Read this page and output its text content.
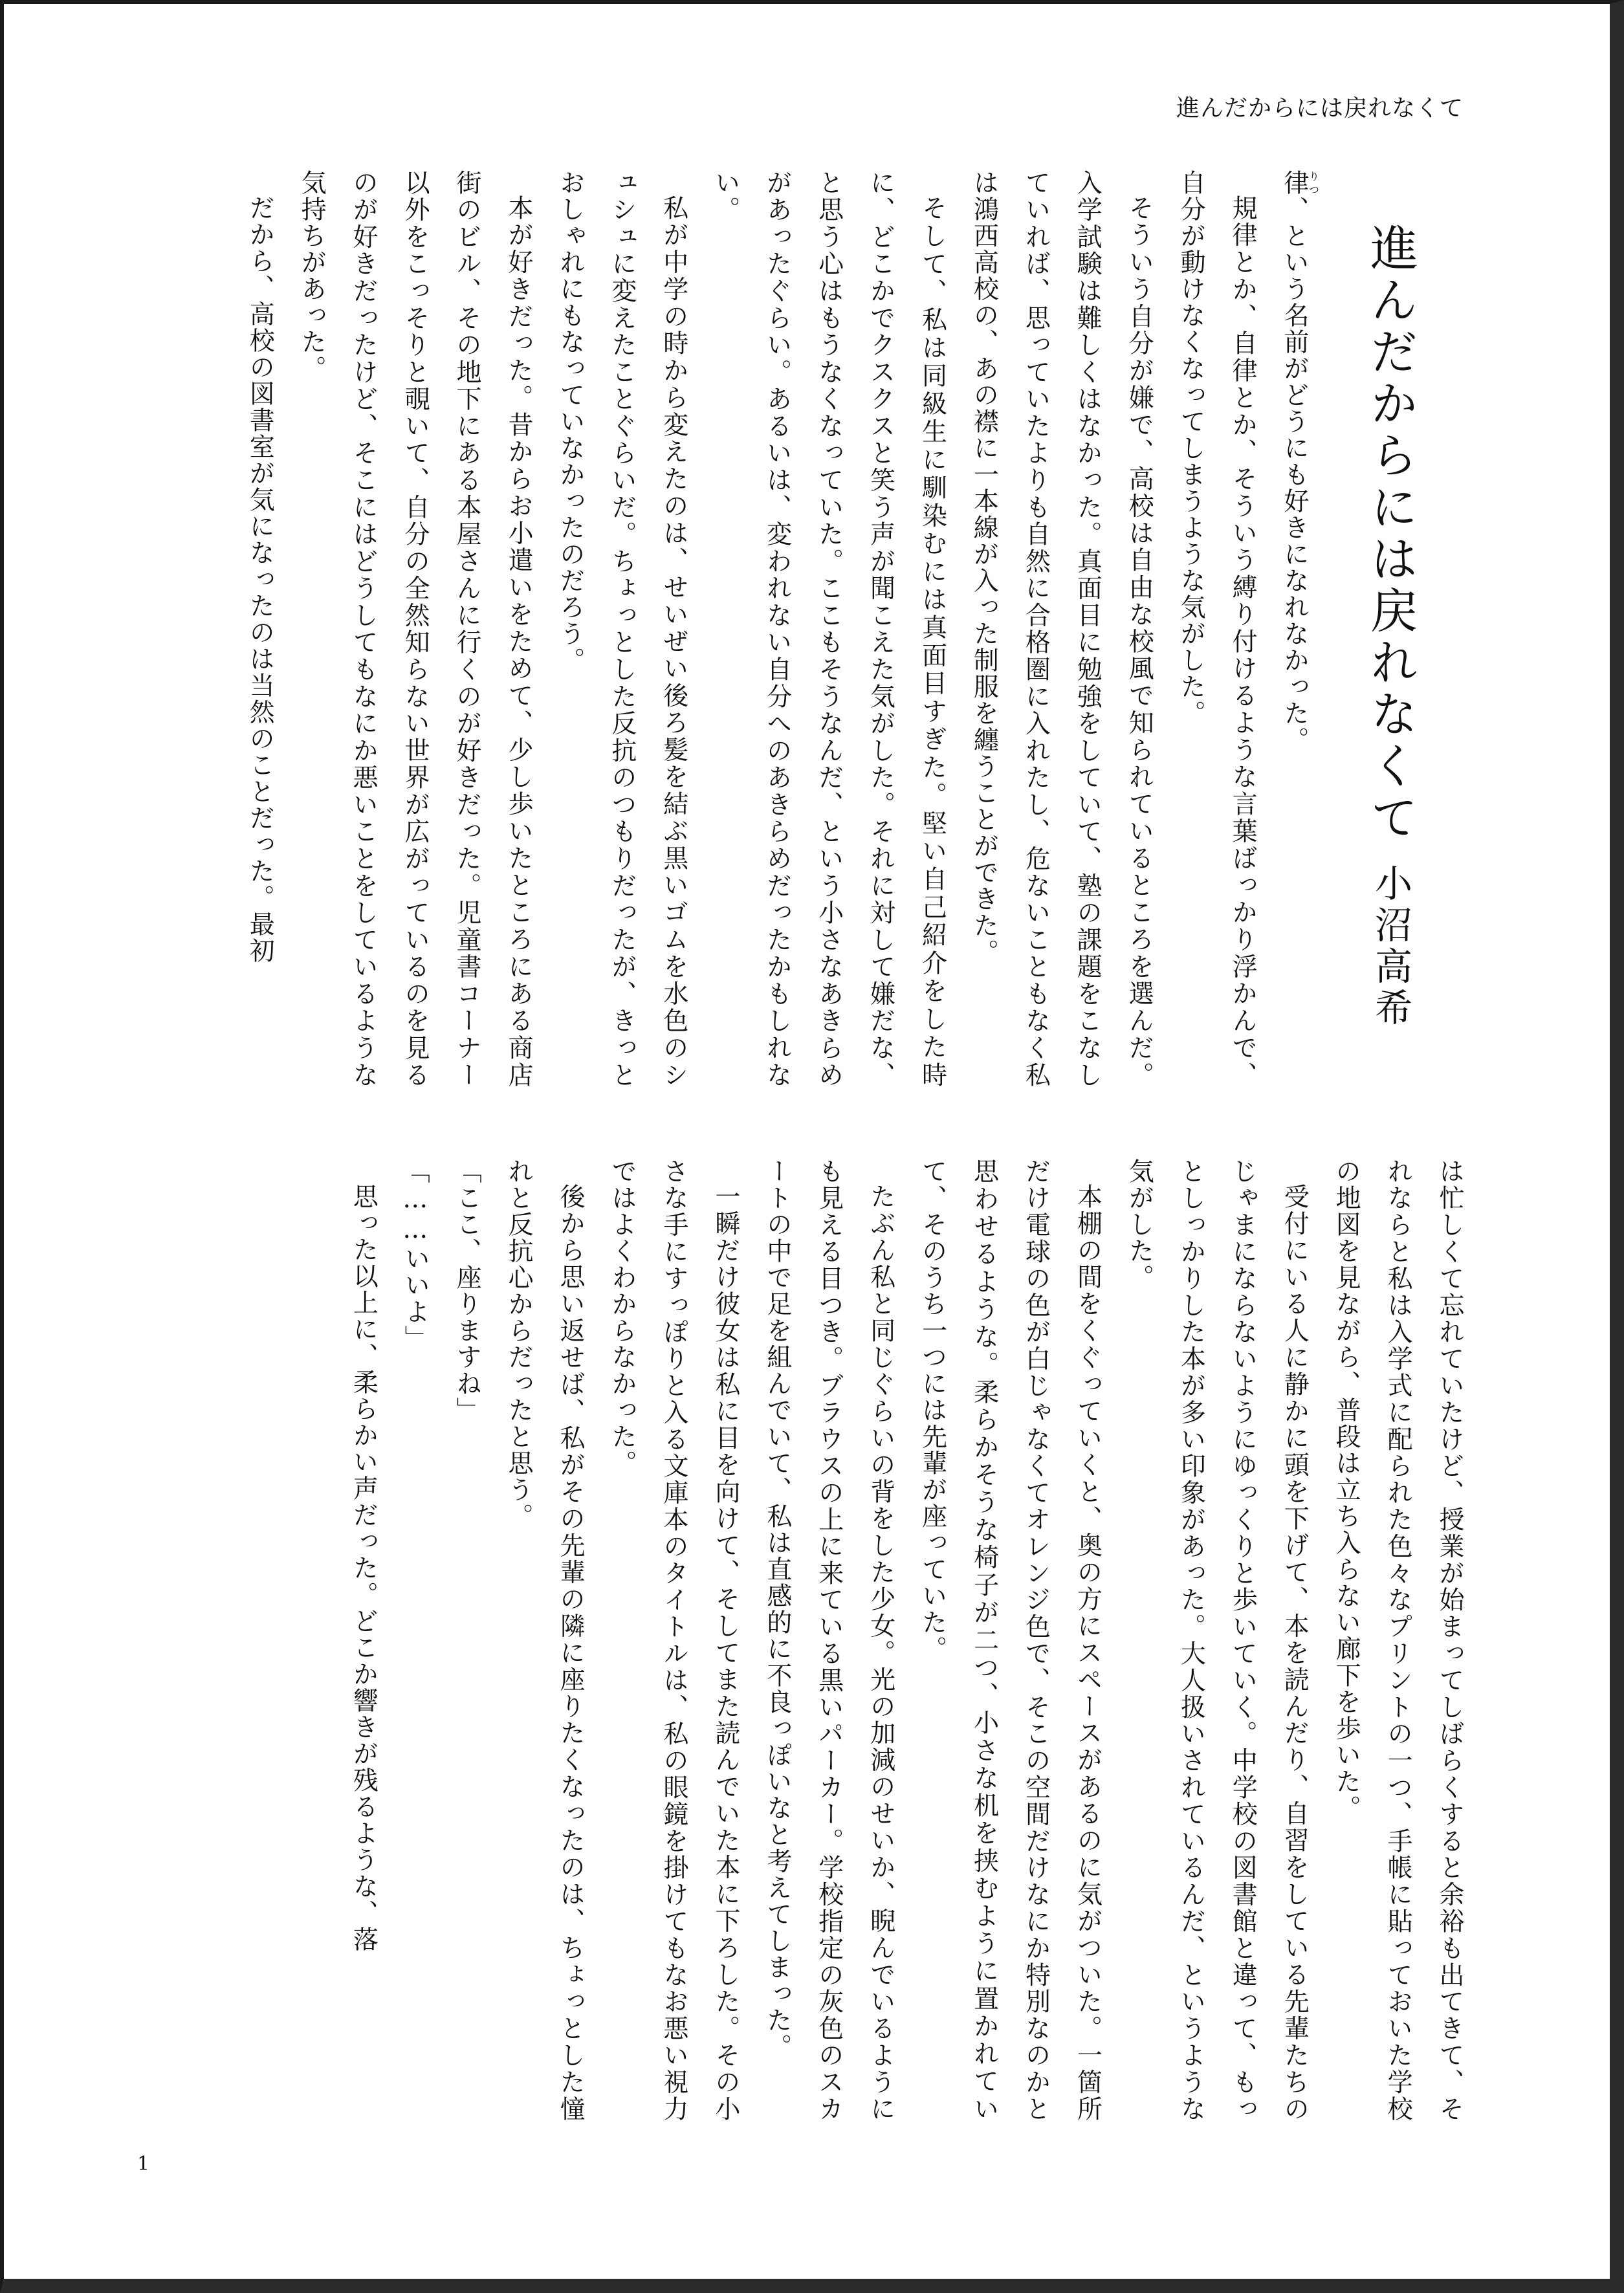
進んだからには戻れなくて
進んだからには戻れなくて
小沼高希

律りつ、という名前がどうにも好きになれなかった。

規律とか、自律とか、そういう縛り付けるような言葉ばっかり浮かんで、自分が動けなくなってしまうような気がした。

そういう自分が嫌で、高校は自由な校風で知られているところを選んだ。入学試験は難しくはなかった。真面目に勉強をしていて、塾の課題をこなしていれば、思っていたよりも自然に合格圏に入れたし、危ないこともなく私は鴻西高校の、あの襟に一本線が入った制服を纏うことができた。

そして、私は同級生に馴染むには真面目すぎた。堅い自己紹介をした時に、どこかでクスクスと笑う声が聞こえた気がした。それに対して嫌だな、と思う心はもうなくなっていた。ここもそうなんだ、という小さなあきらめがあったぐらい。あるいは、変われない自分へのあきらめだったかもしれない。

私が中学の時から変えたのは、せいぜい後ろ髪を結ぶ黒いゴムを水色のシュシュに変えたことぐらいだ。ちょっとした反抗のつもりだったが、きっとおしゃれにもなっていなかったのだろう。

本が好きだった。昔からお小遣いをためて、少し歩いたところにある商店街のビル、その地下にある本屋さんに行くのが好きだった。児童書コーナー以外をこっそりと覗いて、自分の全然知らない世界が広がっているのを見るのが好きだったけど、そこにはどうしてもなにか悪いことをしているような気持ちがあった。

だから、高校の図書室が気になったのは当然のことだった。最初

は忙しくて忘れていたけど、授業が始まってしばらくすると余裕も出てきて、それならと私は入学式に配られた色々なプリントの一つ、手帳に貼っておいた学校の地図を見ながら、普段は立ち入らない廊下を歩いた。

受付にいる人に静かに頭を下げて、本を読んだり、自習をしている先輩たちのじゃまにならないようにゆっくりと歩いていく。中学校の図書館と違って、もっとしっかりした本が多い印象があった。大人扱いされているんだ、というような気がした。

本棚の間をくぐっていくと、奥の方にスペースがあるのに気がついた。一箇所だけ電球の色が白じゃなくてオレンジ色で、そこの空間だけなにか特別なのかと思わせるような。柔らかそうな椅子が二つ、小さな机を挟むように置かれていて、そのうち一つには先輩が座っていた。

たぶん私と同じぐらいの背をした少女。光の加減のせいか、睨んでいるようにも見える目つき。ブラウスの上に来ている黒いパーカー。学校指定の灰色のスカートの中で足を組んでいて、私は直感的に不良っぽいなと考えてしまった。

一瞬だけ彼女は私に目を向けて、そしてまた読んでいた本に下ろした。その小さな手にすっぽりと入る文庫本のタイトルは、私の眼鏡を掛けてもなお悪い視力ではよくわからなかった。

後から思い返せば、私がその先輩の隣に座りたくなったのは、ちょっとした憧れと反抗心からだったと思う。

「ここ、座りますね」

「……いいよ」

思った以上に、柔らかい声だった。どこか響きが残るような、落

1
